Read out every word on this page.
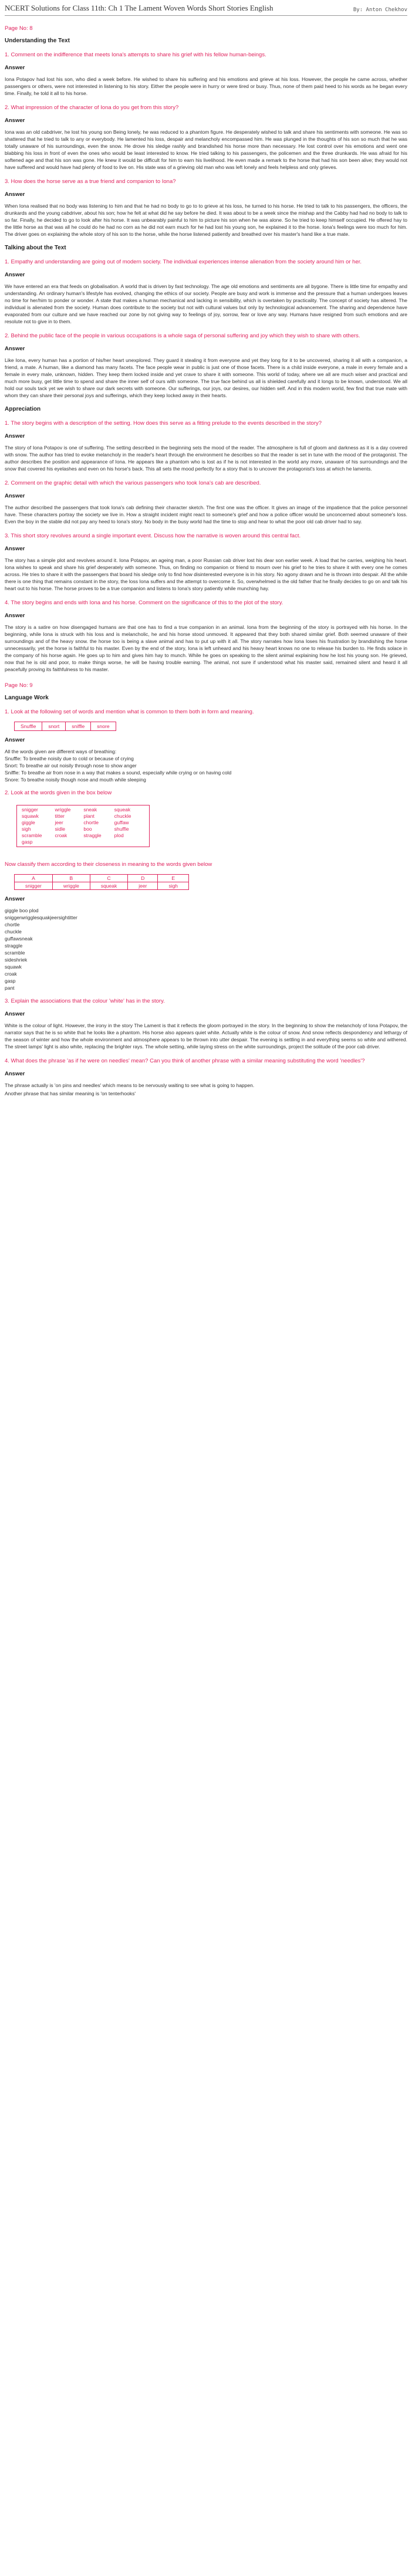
NCERT Solutions for Class 11th: Ch 1 The Lament Woven Words Short Stories English	By: Anton Chekhov
Page No: 8
Understanding the Text
1. Comment on the indifference that meets Iona's attempts to share his grief with his fellow human-beings.
Answer

Iona Potapov had lost his son, who died a week before. He wished to share his suffering and his emotions and grieve at his loss. However, the people he came across, whether passengers or others, were not interested in listening to his story. Either the people were in hurry or were tired or busy. Thus, none of them paid heed to his words as he began every time. Finally, he told it all to his horse.

2. What impression of the character of Iona do you get from this story?
Answer

Iona was an old cabdriver, he lost his young son Being lonely, he was reduced to a phantom figure. He desperately wished to talk and share his sentiments with someone. He was so shattered that he tried to talk to any or everybody. He lamented his loss, despair and melancholy encompassed him. He was plunged in the thoughts of his son so much that he was totally unaware of his surroundings, even the snow. He drove his sledge rashly and brandished his horse more than necessary. He lost control over his emotions and went one blabbing his loss in front of even the ones who would be least interested to know. He tried talking to his passengers, the policemen and the three drunkards. He was afraid for his softened age and that his son was gone. He knew it would be difficult for him to earn his livelihood. He even made a remark to the horse that had his son been alive; they would not have suffered and would have had plenty of food to live on. His state was of a grieving old man who was left lonely and feels helpless and only grieves.

3. How does the horse serve as a true friend and companion to Iona?
Answer

When Iona realised that no body was listening to him and that he had no body to go to to grieve at his loss, he turned to his horse. He tried to talk to his passengers, the officers, the drunkards and the young cabdriver, about his son; how he felt at what did he say before he died. It was about to be a week since the mishap and the Cabby had had no body to talk to so far. Finally, he decided to go to look after his horse. It was unbearably painful to him to picture his son when he was alone. So he tried to keep himself occupied. He offered hay to the little horse as that was all he could do he had no corn as he did not earn much for he had lost his young son, he explained it to the horse. Iona's feelings were too much for him. The driver goes on explaining the whole story of his son to the horse, while the horse listened patiently and breathed over his master's hand like a true mate.

Talking about the Text
1. Empathy and understanding are going out of modern society. The individual experiences intense alienation from the society around him or her.
Answer

We have entered an era that feeds on globalisation. A world that is driven by fast technology. The age old emotions and sentiments are all bygone. There is little time for empathy and understanding. An ordinary human's lifestyle has evolved, changing the ethics of our society. People are busy and work is immense and the pressure that a human undergoes leaves no time for her/him to ponder or wonder. A state that makes a human mechanical and lacking in sensibility, which is overtaken by practicality. The concept of society has altered. The individual is alienated from the society. Human does contribute to the society but not with cultural values but only by technological advancement. The sharing and dependence have evaporated from our culture and we have reached our zone by not giving way to feelings of joy, sorrow, fear or love any way. Humans have resigned from such emotions and are resolute not to give in to them.

2. Behind the public face of the people in various occupations is a whole saga of personal suffering and joy which they wish to share with others.
Answer

Like Iona, every human has a portion of his/her heart unexplored. They guard it stealing it from everyone and yet they long for it to be uncovered, sharing it all with a companion, a friend, a mate. A human, like a diamond has many facets. The face people wear in public is just one of those facets. There is a child inside everyone, a male in every female and a female in every male, unknown, hidden. They keep them locked inside and yet crave to share it with someone. This world of today, where we all are much wiser and practical and much more busy, get little time to spend and share the inner self of ours with someone. The true face behind us all is shielded carefully and it longs to be known, understood. We all hold our souls tack yet we wish to share our dark secrets with someone. Our sufferings, our joys, our desires, our hidden self. And in this modern world, few find that true mate with whom they can share their personal joys and sufferings, which they keep locked away in their hearts.

Appreciation
1. The story begins with a description of the setting. How does this serve as a fitting prelude to the events described in the story?
Answer

The story of Iona Potapov is one of suffering. The setting described in the beginning sets the mood of the reader. The atmosphere is full of gloom and darkness as it is a day covered with snow. The author has tried to evoke melancholy in the reader's heart through the environment he describes so that the reader is set in tune with the mood of the protagonist. The author describes the position and appearance of Iona. He appears like a phantom who is lost as if he is not interested in the world any more, unaware of his surroundings and the snow that covered his eyelashes and even on his horse's back. This all sets the mood perfectly for a story that is to uncover the protagonist's loss at which he laments.

2. Comment on the graphic detail with which the various passengers who took Iona's cab are described.
Answer

The author described the passengers that took Iona's cab defining their character sketch. The first one was the officer. It gives an image of the impatience that the police personnel have. These characters portray the society we live in. How a straight incident might react to someone's grief and how a police officer would be unconcerned about someone's loss. Even the boy in the stable did not pay any heed to Iona's story. No body in the busy world had the time to stop and hear to what the poor old cab driver had to say.

3. This short story revolves around a single important event. Discuss how the narrative is woven around this central fact.
Answer

The story has a simple plot and revolves around it. Iona Potapov, an ageing man, a poor Russian cab driver lost his dear son earlier week. A load that he carries, weighing his heart. Iona wishes to speak and share his grief desperately with someone. Thus, on finding no companion or friend to mourn over his grief to he tries to share it with every one he comes across. He tries to share it with the passengers that board his sledge only to find how disinterested everyone is in his story. No agony drawn and he is thrown into despair. All the while there is one thing that remains constant in the story, the loss Iona suffers and the attempt to overcome it. So, overwhelmed is the old father that he finally decides to go on and talk his heart out to his horse. The horse proves to be a true companion and listens to Iona's story patiently while munching hay.

4. The story begins and ends with Iona and his horse. Comment on the significance of this to the plot of the story.
Answer

The story is a satire on how disengaged humans are that one has to find a true companion in an animal. Iona from the beginning of the story is portrayed with his horse. In the beginning, while Iona is struck with his loss and is melancholic, he and his horse stood unmoved. It appeared that they both shared similar grief. Both seemed unaware of their surroundings and of the heavy snow. the horse too is being a slave animal and has to put up with it all. The story narrates how Iona loses his frustration by brandishing the horse unnecessarily, yet the horse is faithful to his master. Even by the end of the story, Iona is left unheard and his heavy heart knows no one to release his burden to. He finds solace in the company of his horse again. He goes up to him and gives him hay to munch. While he goes on speaking to the silent animal explaining how he lost his young son. He grieved, now that he is old and poor, to make things worse, he will be having trouble earning. The animal, not sure if understood what his master said, remained silent and heard it all peacefully proving its faithfulness to his master.

Page No: 9
Language Work
1. Look at the following set of words and mention what is common to them both in form and meaning.
Snuffle	snort	sniffle	snore
Answer

All the words given are different ways of breathing:

Snuffle: To breathe noisily due to cold or because of crying

Snort: To breathe air out noisily through nose to show anger

Sniffle: To breathe air from nose in a way that makes a sound, especially while crying or on having cold

Snore: To breathe noisily though nose and mouth while sleeping

2. Look at the words given in the box below
snigger	wriggle	sneak	squeak
squawk	titter	plant	chuckle
giggle	jeer	chortle	guffaw
sigh	sidle	boo	shuffle
scramble	croak	straggle	plod
gasp			
Now classify them according to their closeness in meaning to the words given below
A	B	C	D	E
snigger	wriggle	squeak	jeer	sigh
Answer

giggle boo plod

sniggerwrigglesquakjeersightitter

chortle

chuckle

guffawsneak

straggle

scramble

sideshriek

squawk

croak

gasp

pant

3. Explain the associations that the colour 'white' has in the story.
Answer

White is the colour of light. However, the irony in the story The Lament is that it reflects the gloom portrayed in the story. In the beginning to show the melancholy of Iona Potapov, the narrator says that he is so white that he looks like a phantom. His horse also appears quiet white. Actually white is the colour of snow. And snow reflects despondency and lethargy of the season of winter and how the whole environment and atmosphere appears to be thrown into utter despair. The evening is settling in and everything seems so white and withered. The street lamps' light is also white, replacing the brighter rays. The whole setting, while laying stress on the white surroundings, project the solitude of the poor cab driver.

4. What does the phrase 'as if he were on needles' mean? Can you think of another phrase with a similar meaning substituting the word 'needles'?
Answer

The phrase actually is 'on pins and needles' which means to be nervously waiting to see what is going to happen.

Another phrase that has similar meaning is 'on tenterhooks'
